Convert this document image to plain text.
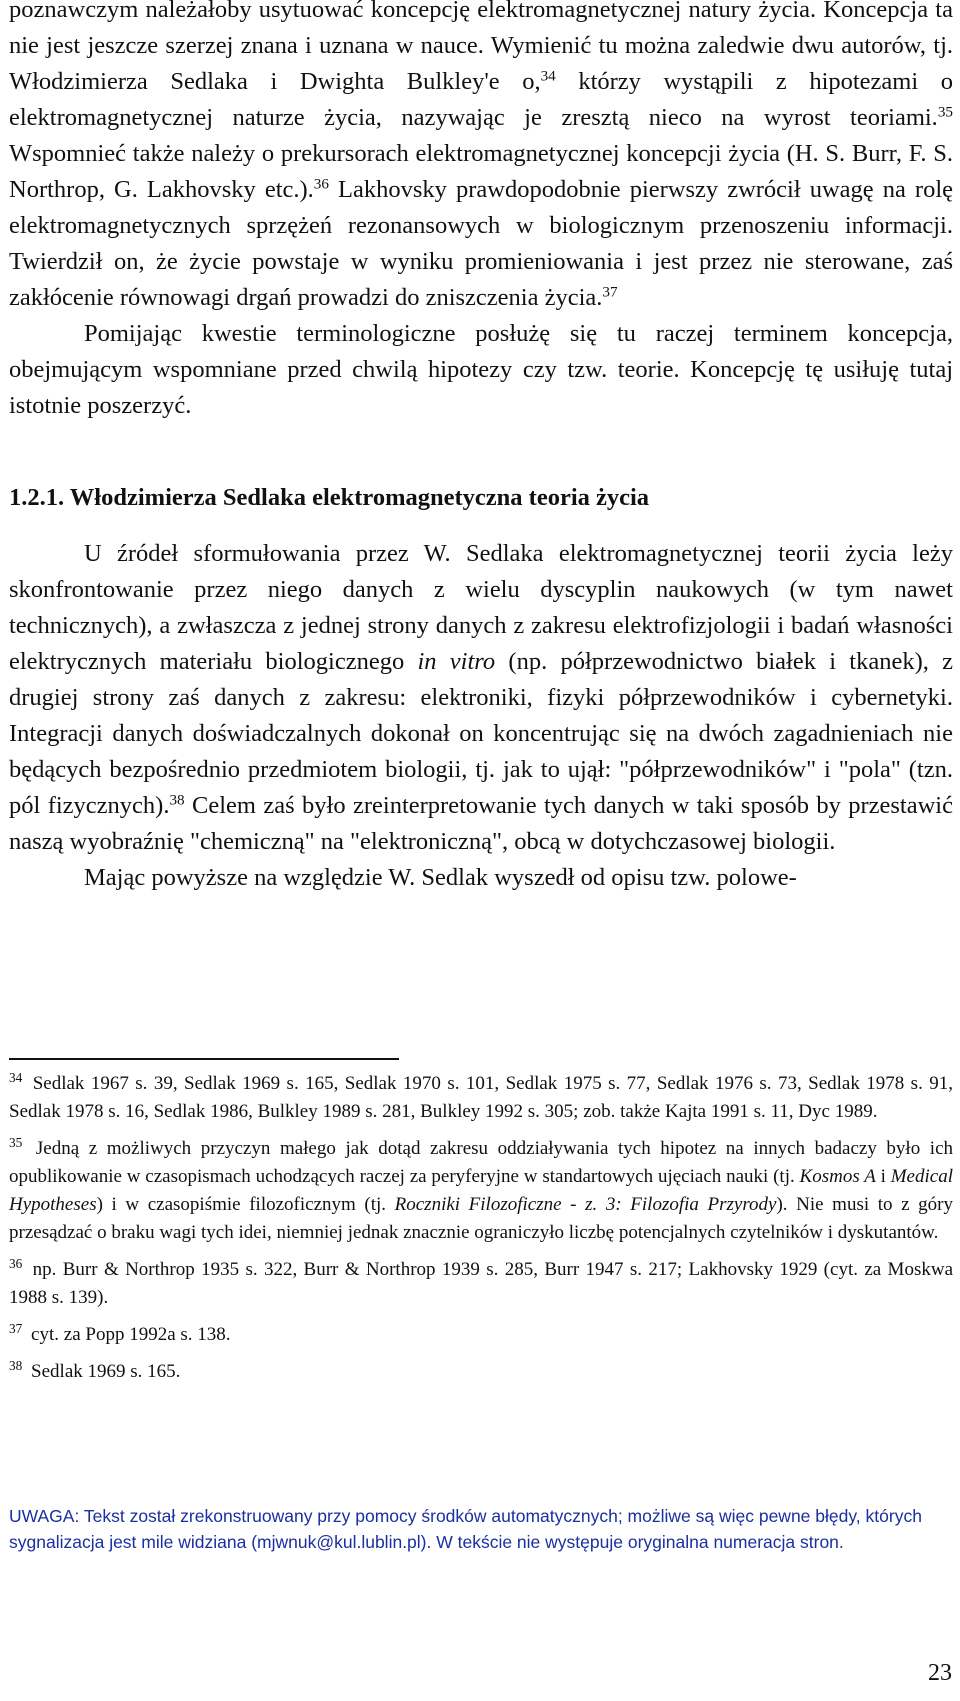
poznawczym należałoby usytuować koncepcję elektromagnetycznej natury życia. Koncepcja ta nie jest jeszcze szerzej znana i uznana w nauce. Wymienić tu można zaledwie dwu autorów, tj. Włodzimierza Sedlaka i Dwighta Bulkley'e o,$^{34}$ którzy wystąpili z hipotezami o elektromagnetycznej naturze życia, nazywając je zresztą nieco na wyrost teoriami.$^{35}$ Wspomnieć także należy o prekursorach elektromagnetycznej koncepcji życia (H. S. Burr, F. S. Northrop, G. Lakhovsky etc.).$^{36}$ Lakhovsky prawdopodobnie pierwszy zwrócił uwagę na rolę elektromagnetycznych sprzężeń rezonansowych w biologicznym przenoszeniu informacji. Twierdził on, że życie powstaje w wyniku promieniowania i jest przez nie sterowane, zaś zakłócenie równowagi drgań prowadzi do zniszczenia życia.$^{37}$

Pomijając kwestie terminologiczne posłużę się tu raczej terminem koncepcja, obejmującym wspomniane przed chwilą hipotezy czy tzw. teorie. Koncepcję tę usiłuję tutaj istotnie poszerzyć.

1.2.1. Włodzimierza Sedlaka elektromagnetyczna teoria życia

U źródeł sformułowania przez W. Sedlaka elektromagnetycznej teorii życia leży skonfrontowanie przez niego danych z wielu dyscyplin naukowych (w tym nawet technicznych), a zwłaszcza z jednej strony danych z zakresu elektrofizjologii i badań własności elektrycznych materiału biologicznego in vitro (np. półprzewodnictwo białek i tkanek), z drugiej strony zaś danych z zakresu: elektroniki, fizyki półprzewodników i cybernetyki. Integracji danych doświadczalnych dokonał on koncentrując się na dwóch zagadnieniach nie będących bezpośrednio przedmiotem biologii, tj. jak to ujął: "półprzewodników" i "pola" (tzn. pól fizycznych).$^{38}$ Celem zaś było zreinterpretowanie tych danych w taki sposób by przestawić naszą wyobraźnię "chemiczną" na "elektroniczną", obcą w dotychczasowej biologii.

Mając powyższe na względzie W. Sedlak wyszedł od opisu tzw. polowe-

$^{34}$ Sedlak 1967 s. 39, Sedlak 1969 s. 165, Sedlak 1970 s. 101, Sedlak 1975 s. 77, Sedlak 1976 s. 73, Sedlak 1978 s. 91, Sedlak 1978 s. 16, Sedlak 1986, Bulkley 1989 s. 281, Bulkley 1992 s. 305; zob. także Kajta 1991 s. 11, Dyc 1989.

$^{35}$ Jedną z możliwych przyczyn małego jak dotąd zakresu oddziaływania tych hipotez na innych badaczy było ich opublikowanie w czasopismach uchodzących raczej za peryferyjne w standartowych ujęciach nauki (tj. Kosmos A i Medical Hypotheses) i w czasopiśmie filozoficznym (tj. Roczniki Filozoficzne - z. 3: Filozofia Przyrody). Nie musi to z góry przesądzać o braku wagi tych idei, niemniej jednak znacznie ograniczyło liczbę potencjalnych czytelników i dyskutantów.

$^{36}$ np. Burr & Northrop 1935 s. 322, Burr & Northrop 1939 s. 285, Burr 1947 s. 217; Lakhovsky 1929 (cyt. za Moskwa 1988 s. 139).

$^{37}$ cyt. za Popp 1992a s. 138.

$^{38}$ Sedlak 1969 s. 165.

UWAGA: Tekst został zrekonstruowany przy pomocy środków automatycznych; możliwe są więc pewne błędy, których sygnalizacja jest mile widziana (mjwnuk@kul.lublin.pl). W tekście nie występuje oryginalna numeracja stron.
23
